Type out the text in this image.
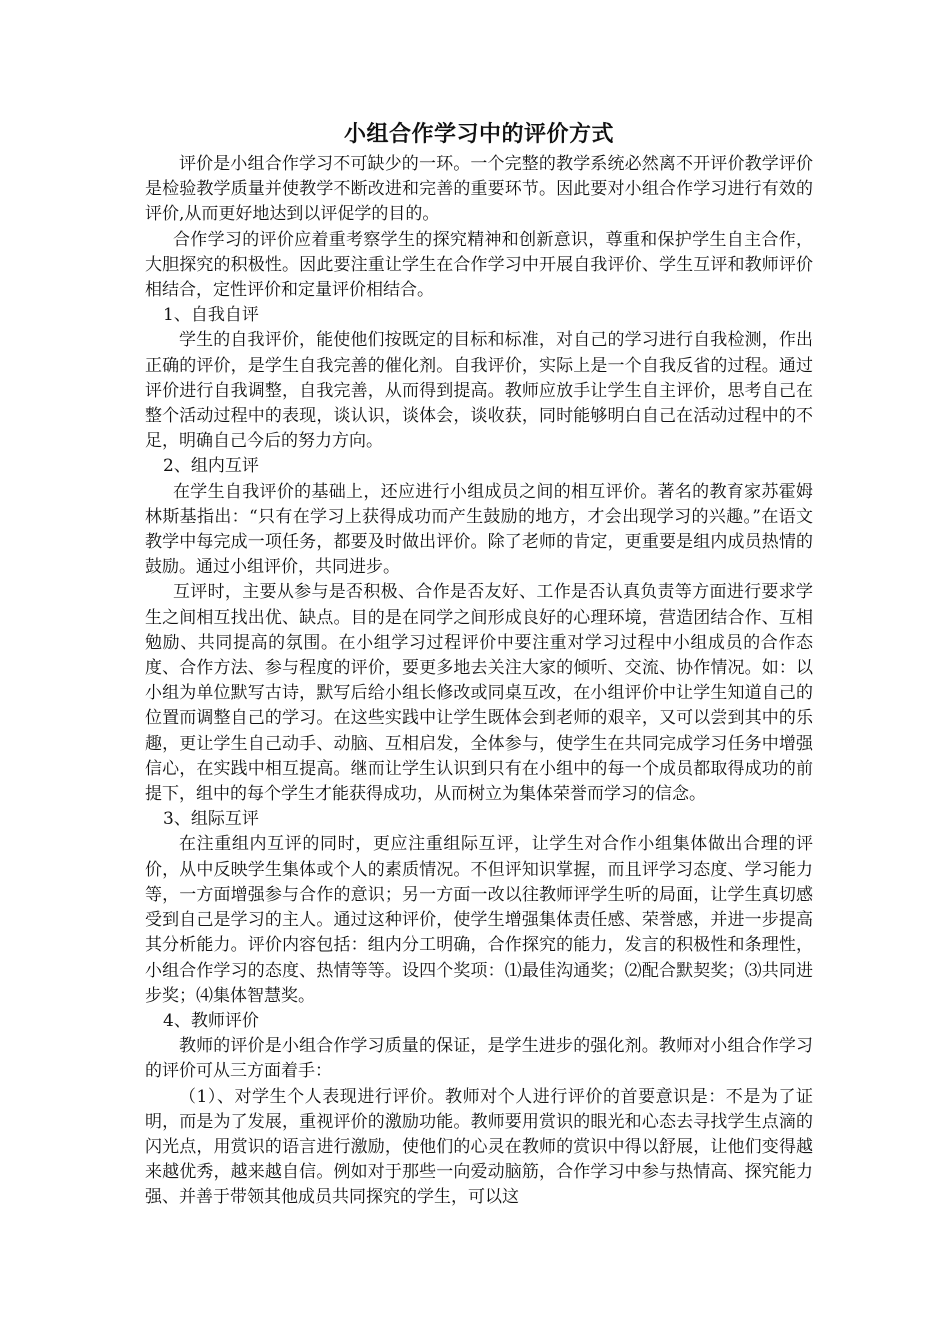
小组合作学习中的评价方式

评价是小组合作学习不可缺少的一环。一个完整的教学系统必然离不开评价教学评价是检验教学质量并使教学不断改进和完善的重要环节。因此要对小组合作学习进行有效的评价,从而更好地达到以评促学的目的。

合作学习的评价应着重考察学生的探究精神和创新意识，尊重和保护学生自主合作，大胆探究的积极性。因此要注重让学生在合作学习中开展自我评价、学生互评和教师评价相结合，定性评价和定量评价相结合。

1、自我自评

学生的自我评价，能使他们按既定的目标和标准，对自己的学习进行自我检测，作出正确的评价，是学生自我完善的催化剂。自我评价，实际上是一个自我反省的过程。通过评价进行自我调整，自我完善，从而得到提高。教师应放手让学生自主评价，思考自己在整个活动过程中的表现，谈认识，谈体会，谈收获，同时能够明白自己在活动过程中的不足，明确自己今后的努力方向。

2、组内互评

在学生自我评价的基础上，还应进行小组成员之间的相互评价。著名的教育家苏霍姆林斯基指出：“只有在学习上获得成功而产生鼓励的地方，才会出现学习的兴趣。”在语文教学中每完成一项任务，都要及时做出评价。除了老师的肯定，更重要是组内成员热情的鼓励。通过小组评价，共同进步。

互评时，主要从参与是否积极、合作是否友好、工作是否认真负责等方面进行要求学生之间相互找出优、缺点。目的是在同学之间形成良好的心理环境，营造团结合作、互相勉励、共同提高的氛围。在小组学习过程评价中要注重对学习过程中小组成员的合作态度、合作方法、参与程度的评价，要更多地去关注大家的倾听、交流、协作情况。如：以小组为单位默写古诗，默写后给小组长修改或同桌互改，在小组评价中让学生知道自己的位置而调整自己的学习。在这些实践中让学生既体会到老师的艰辛，又可以尝到其中的乐趣，更让学生自己动手、动脑、互相启发，全体参与，使学生在共同完成学习任务中增强信心，在实践中相互提高。继而让学生认识到只有在小组中的每一个成员都取得成功的前提下，组中的每个学生才能获得成功，从而树立为集体荣誉而学习的信念。

3、组际互评

在注重组内互评的同时，更应注重组际互评，让学生对合作小组集体做出合理的评价，从中反映学生集体或个人的素质情况。不但评知识掌握，而且评学习态度、学习能力等，一方面增强参与合作的意识；另一方面一改以往教师评学生听的局面，让学生真切感受到自己是学习的主人。通过这种评价，使学生增强集体责任感、荣誉感，并进一步提高其分析能力。评价内容包括：组内分工明确，合作探究的能力，发言的积极性和条理性，小组合作学习的态度、热情等等。设四个奖项：⑴最佳沟通奖；⑵配合默契奖；⑶共同进步奖；⑷集体智慧奖。

4、教师评价

教师的评价是小组合作学习质量的保证，是学生进步的强化剂。教师对小组合作学习的评价可从三方面着手：

（1）、对学生个人表现进行评价。教师对个人进行评价的首要意识是：不是为了证明，而是为了发展，重视评价的激励功能。教师要用赏识的眼光和心态去寻找学生点滴的闪光点，用赏识的语言进行激励，使他们的心灵在教师的赏识中得以舒展，让他们变得越来越优秀，越来越自信。例如对于那些一向爱动脑筋，合作学习中参与热情高、探究能力强、并善于带领其他成员共同探究的学生，可以这
